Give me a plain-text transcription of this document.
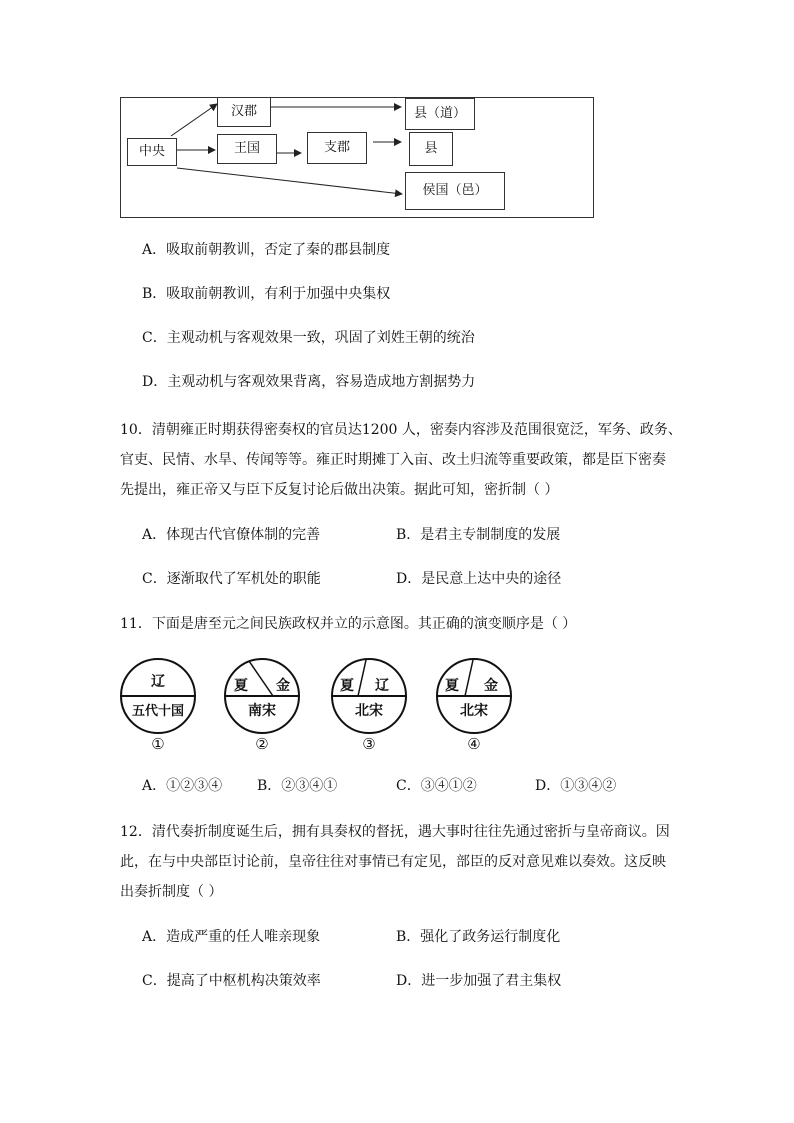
中央
汉郡
王国	支郡
县（道）
县
侯国（邑）
A．吸取前朝教训，否定了秦的郡县制度
B．吸取前朝教训，有利于加强中央集权
C．主观动机与客观效果一致，巩固了刘姓王朝的统治
D．主观动机与客观效果背离，容易造成地方割据势力
10．清朝雍正时期获得密奏权的官员达1200 人，密奏内容涉及范围很宽泛，军务、政务、
官吏、民情、水旱、传闻等等。雍正时期摊丁入亩、改土归流等重要政策，都是臣下密奏
先提出，雍正帝又与臣下反复讨论后做出决策。据此可知，密折制（ ）
A．体现古代官僚体制的完善	B．是君主专制制度的发展
C．逐渐取代了军机处的职能	D．是民意上达中央的途径
11．下面是唐至元之间民族政权并立的示意图。其正确的演变顺序是（ ）
辽
五代十国
①
夏	金
南宋
②
夏	辽
北宋
③
夏	金
北宋
④
A．①②③④ B．②③④①	C．③④①②	D．①③④②
12．清代奏折制度诞生后，拥有具奏权的督抚，遇大事时往往先通过密折与皇帝商议。因
此，在与中央部臣讨论前，皇帝往往对事情已有定见，部臣的反对意见难以奏效。这反映
出奏折制度（ ）
A．造成严重的任人唯亲现象	B．强化了政务运行制度化
C．提高了中枢机构决策效率	D．进一步加强了君主集权
